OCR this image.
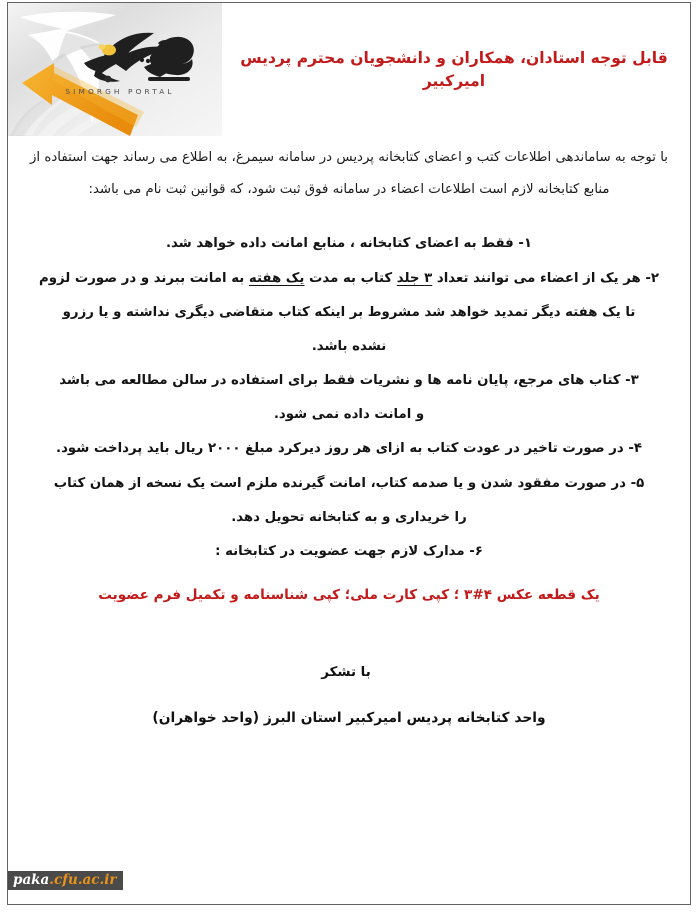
SIMORGH PORTAL
قابل توجه استادان، همکاران و دانشجویان محترم پردیس امیرکبیر

با توجه به ساماندهی اطلاعات کتب و اعضای کتابخانه پردیس در سامانه سیمرغ، به اطلاع می رساند جهت استفاده از منابع کتابخانه لازم است اطلاعات اعضاء در سامانه فوق ثبت شود، که قوانین ثبت نام می باشد:

۱- فقط به اعضای کتابخانه ، منابع امانت داده خواهد شد.
۲- هر یک از اعضاء می توانند تعداد ۳ جلد کتاب به مدت یک هفته به امانت ببرند و در صورت لزوم
تا یک هفته دیگر تمدید خواهد شد مشروط بر اینکه کتاب متقاضی دیگری نداشته و یا رزرو
نشده باشد.
۳- کتاب های مرجع، پایان نامه ها و نشریات فقط برای استفاده در سالن مطالعه می باشد
و امانت داده نمی شود.
۴- در صورت تاخیر در عودت کتاب به ازای هر روز دیرکرد مبلغ ۲۰۰۰ ریال باید پرداخت شود.
۵- در صورت مفقود شدن و یا صدمه کتاب، امانت گیرنده ملزم است یک نسخه از همان کتاب
را خریداری و به کتابخانه تحویل دهد.
۶- مدارک لازم جهت عضویت در کتابخانه :
یک قطعه عکس ۴#۳ ؛ کپی کارت ملی؛ کپی شناسنامه و تکمیل فرم عضویت
با تشکر
واحد کتابخانه پردیس امیرکبیر استان البرز (واحد خواهران)
paka.cfu.ac.ir
